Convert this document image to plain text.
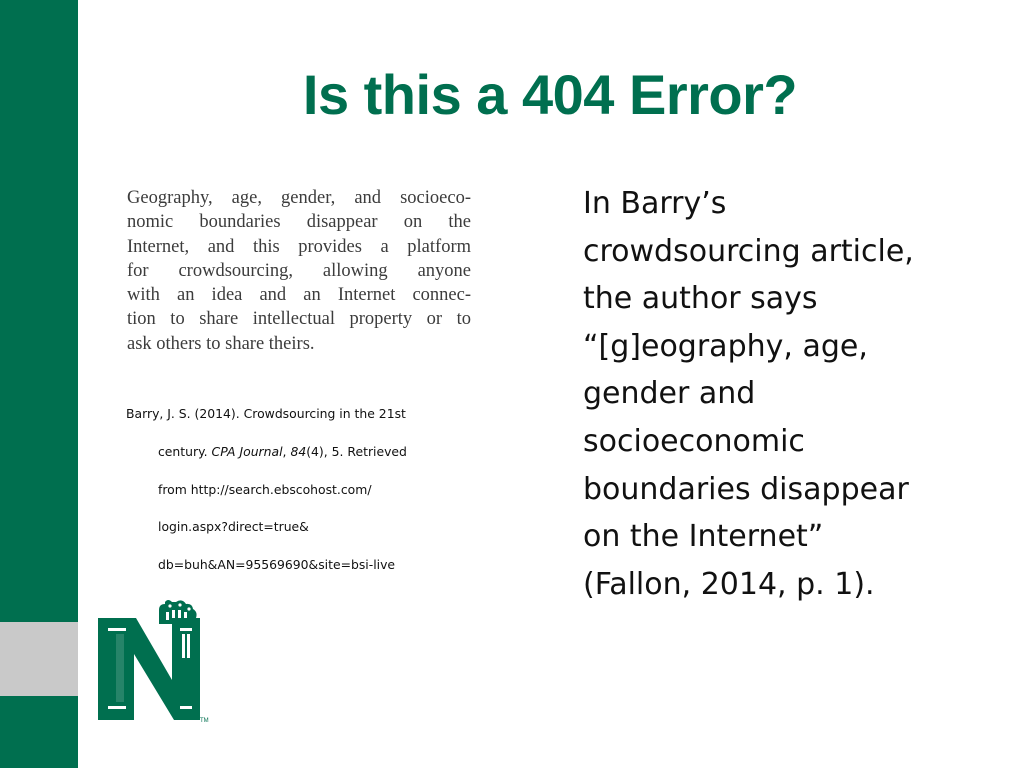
Is this a 404 Error?
Geography, age, gender, and socioeco-
nomic boundaries disappear on the
Internet, and this provides a platform
for crowdsourcing, allowing anyone
with an idea and an Internet connec-
tion to share intellectual property or to
ask others to share theirs.
Barry, J. S. (2014). Crowdsourcing in the 21st
century. CPA Journal, 84(4), 5. Retrieved
from http://search.ebscohost.com/
login.aspx?direct=true&
db=buh&AN=95569690&site=bsi-live
In Barry’s
crowdsourcing article,
the author says
“[g]eography, age,
gender and
socioeconomic
boundaries disappear
on the Internet”
(Fallon, 2014, p. 1).
TM
